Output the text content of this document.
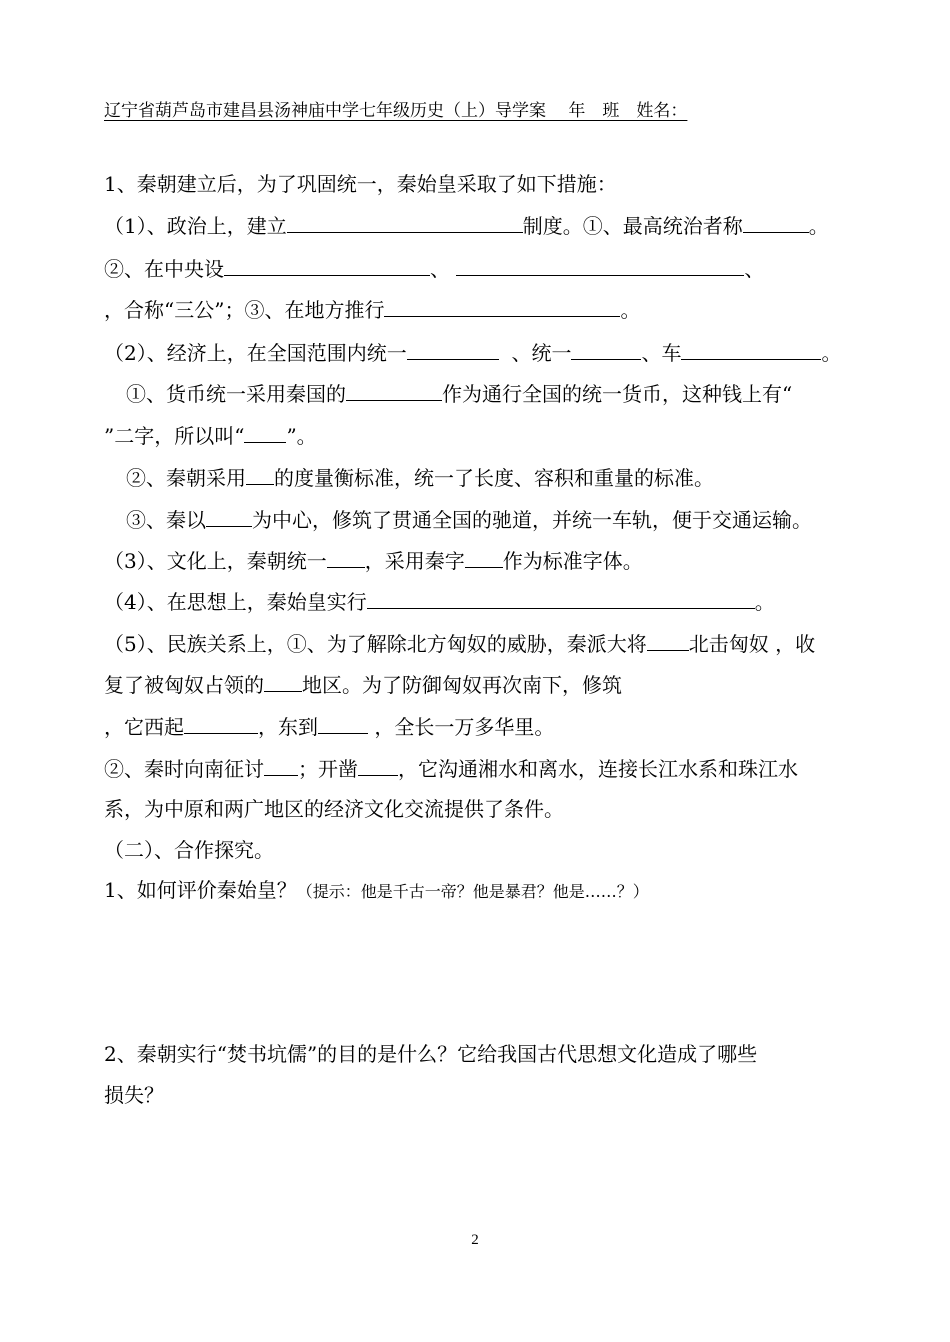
辽宁省葫芦岛市建昌县汤神庙中学七年级历史（上）导学案　 年　班　姓名：
1、秦朝建立后，为了巩固统一，秦始皇采取了如下措施：
（1）、政治上，建立	制度。①、最高统治者称	。
②、在中央设	、	、
，合称“三公”；③、在地方推行	。
（2）、经济上，在全国范围内统一	、统一	、车	。
①、货币统一采用秦国的	作为通行全国的统一货币，这种钱上有“
”二字，所以叫“ ”。
②、秦朝采用 的度量衡标准，统一了长度、容积和重量的标准。
③、秦以 为中心，修筑了贯通全国的驰道，并统一车轨，便于交通运输。
（3）、文化上，秦朝统一 ，采用秦字 作为标准字体。
（4）、在思想上，秦始皇实行	。
（5）、民族关系上，①、为了解除北方匈奴的威胁，秦派大将 北击匈奴 ，收
复了被匈奴占领的 地区。为了防御匈奴再次南下，修筑
，它西起	，东到	，全长一万多华里。
②、秦时向南征讨 ；开凿 ，它沟通湘水和离水，连接长江水系和珠江水
系，为中原和两广地区的经济文化交流提供了条件。
（二）、合作探究。
1、如何评价秦始皇？（提示：他是千古一帝？他是暴君？他是……？）
2、秦朝实行“焚书坑儒”的目的是什么？它给我国古代思想文化造成了哪些
损失？
2
